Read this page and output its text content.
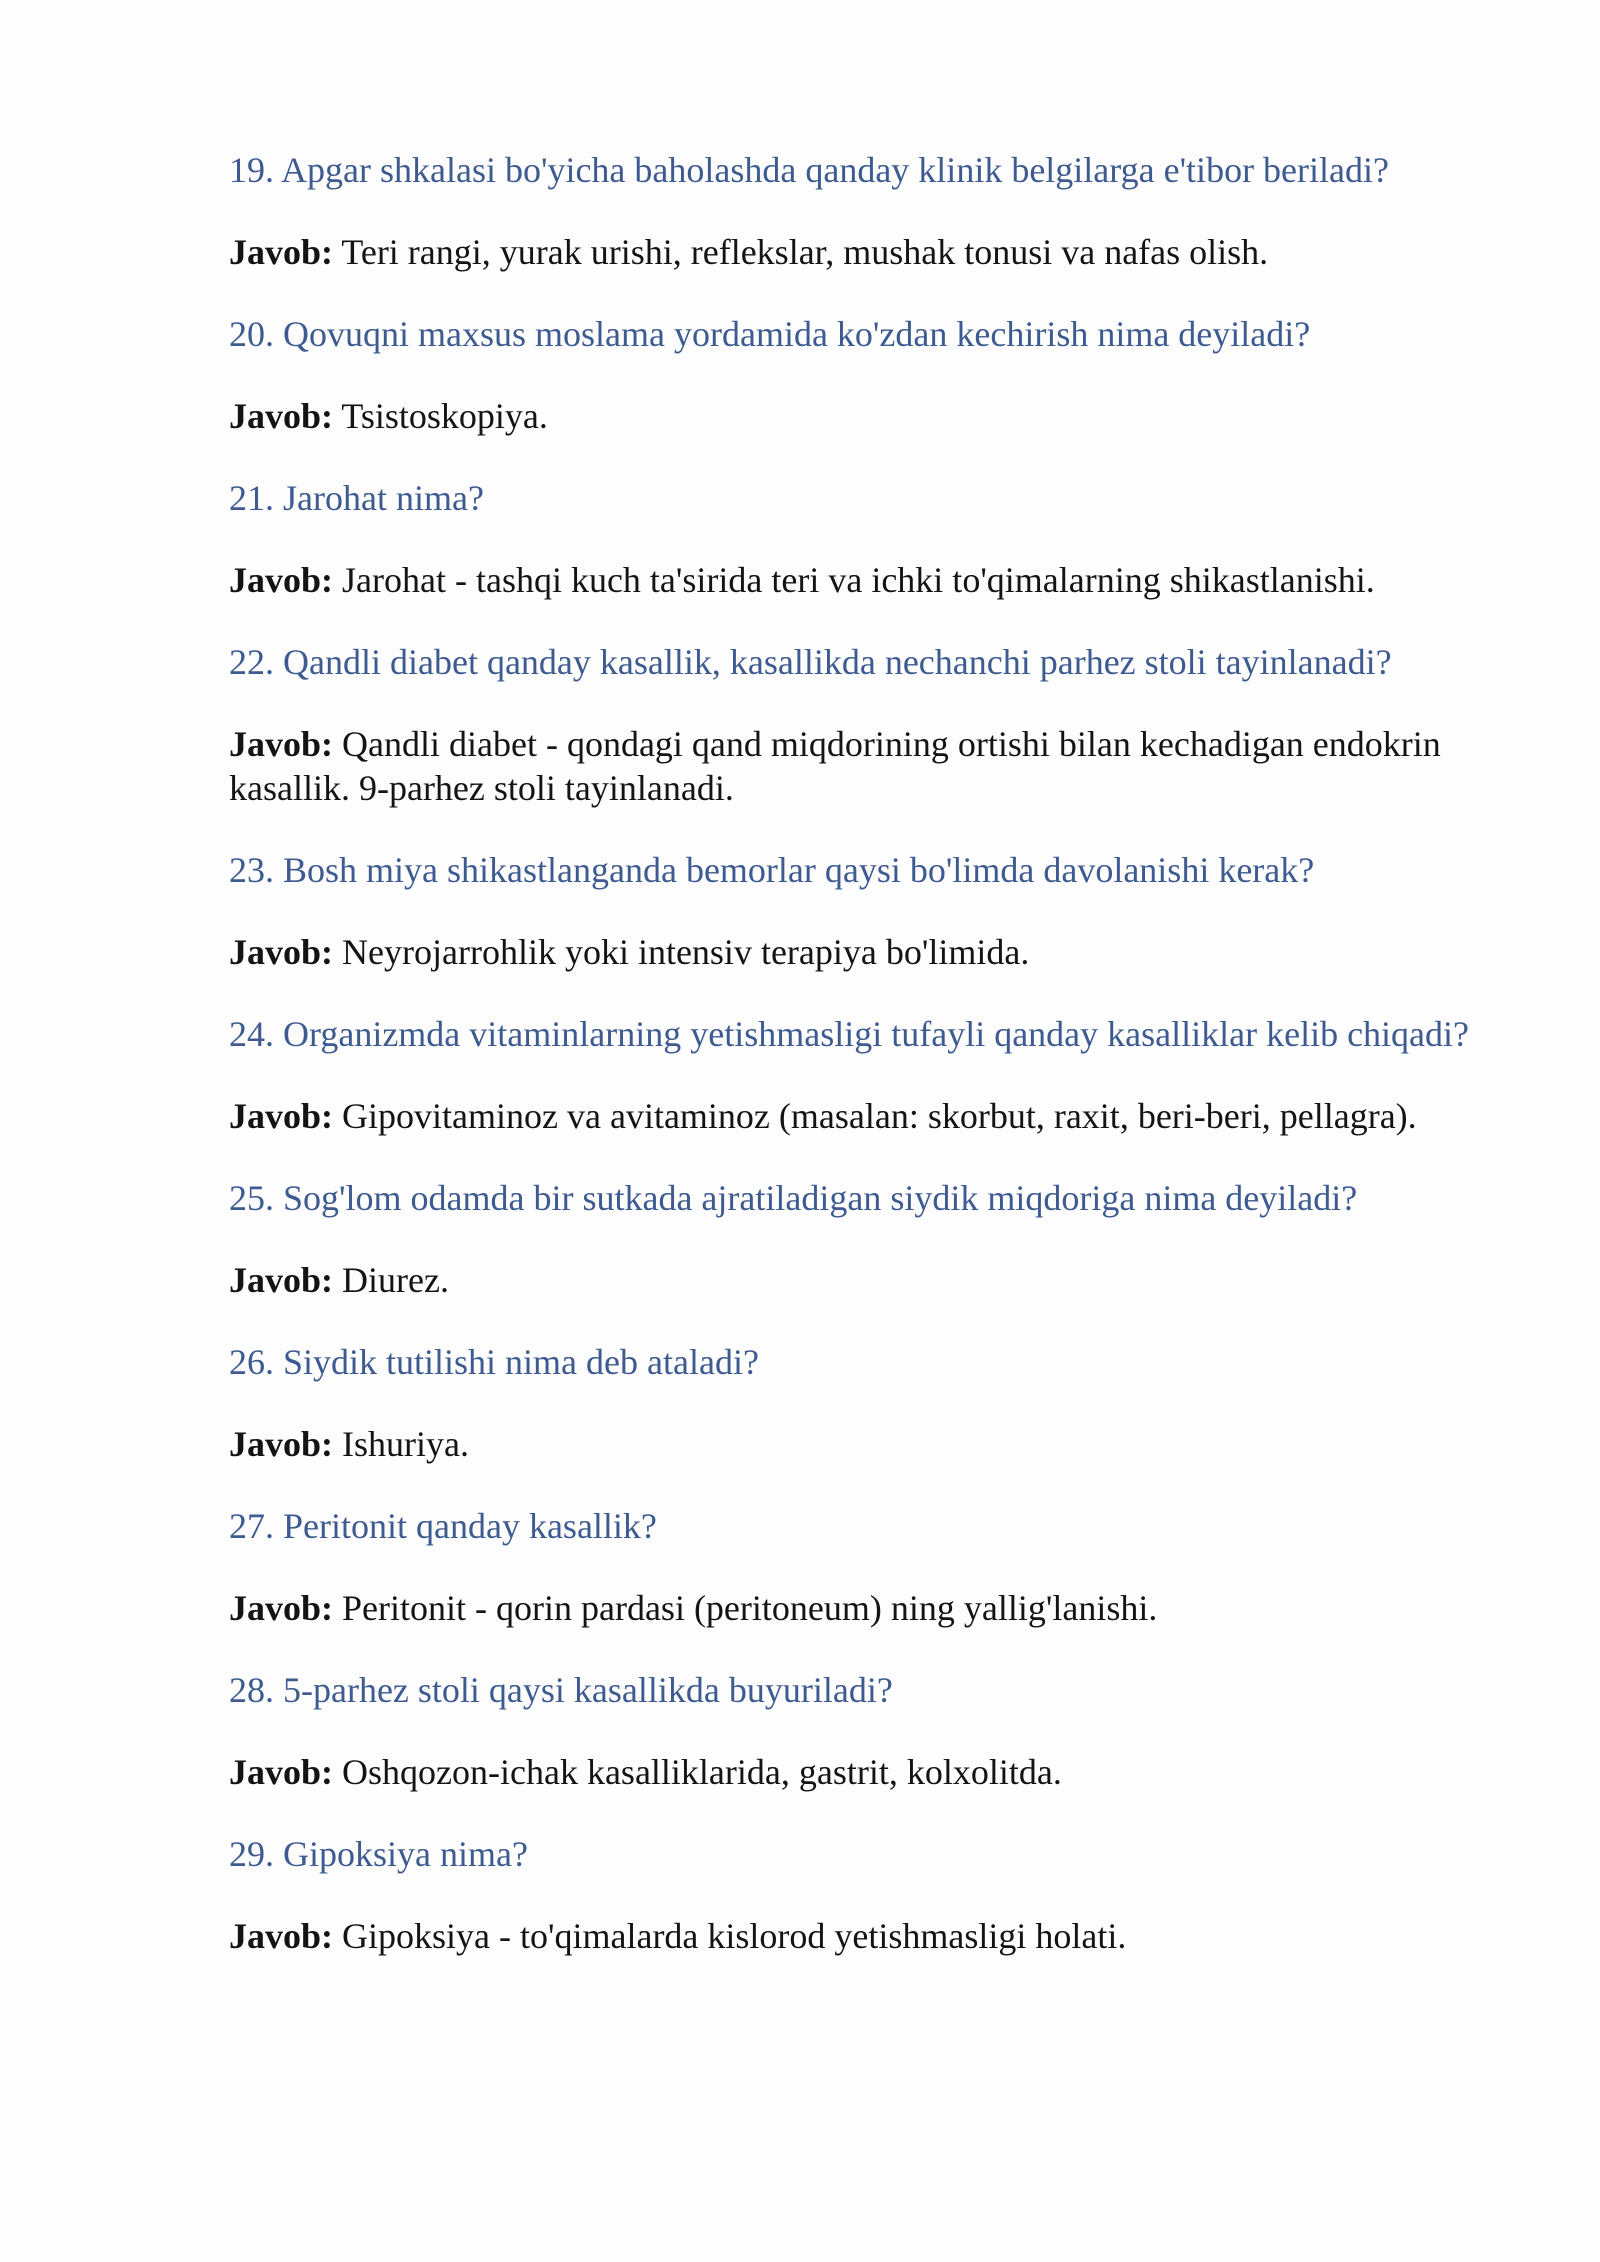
19. Apgar shkalasi bo'yicha baholashda qanday klinik belgilarga e'tibor beriladi?

Javob: Teri rangi, yurak urishi, reflekslar, mushak tonusi va nafas olish.

20. Qovuqni maxsus moslama yordamida ko'zdan kechirish nima deyiladi?

Javob: Tsistoskopiya.

21. Jarohat nima?

Javob: Jarohat - tashqi kuch ta'sirida teri va ichki to'qimalarning shikastlanishi.

22. Qandli diabet qanday kasallik, kasallikda nechanchi parhez stoli tayinlanadi?

Javob: Qandli diabet - qondagi qand miqdorining ortishi bilan kechadigan endokrin kasallik. 9-parhez stoli tayinlanadi.

23. Bosh miya shikastlanganda bemorlar qaysi bo'limda davolanishi kerak?

Javob: Neyrojarrohlik yoki intensiv terapiya bo'limida.

24. Organizmda vitaminlarning yetishmasligi tufayli qanday kasalliklar kelib chiqadi?

Javob: Gipovitaminoz va avitaminoz (masalan: skorbut, raxit, beri-beri, pellagra).

25. Sog'lom odamda bir sutkada ajratiladigan siydik miqdoriga nima deyiladi?

Javob: Diurez.

26. Siydik tutilishi nima deb ataladi?

Javob: Ishuriya.

27. Peritonit qanday kasallik?

Javob: Peritonit - qorin pardasi (peritoneum) ning yallig'lanishi.

28. 5-parhez stoli qaysi kasallikda buyuriladi?

Javob: Oshqozon-ichak kasalliklarida, gastrit, kolxolitda.

29. Gipoksiya nima?

Javob: Gipoksiya - to'qimalarda kislorod yetishmasligi holati.
